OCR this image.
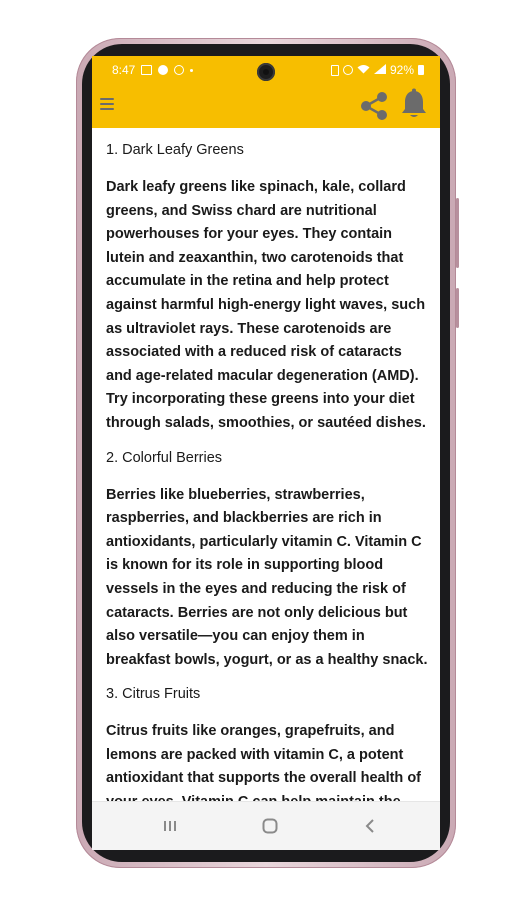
8:47	92%

1. Dark Leafy Greens

Dark leafy greens like spinach, kale, collard greens, and Swiss chard are nutritional powerhouses for your eyes. They contain lutein and zeaxanthin, two carotenoids that accumulate in the retina and help protect against harmful high-energy light waves, such as ultraviolet rays. These carotenoids are associated with a reduced risk of cataracts and age-related macular degeneration (AMD). Try incorporating these greens into your diet through salads, smoothies, or sautéed dishes.

2. Colorful Berries

Berries like blueberries, strawberries, raspberries, and blackberries are rich in antioxidants, particularly vitamin C. Vitamin C is known for its role in supporting blood vessels in the eyes and reducing the risk of cataracts. Berries are not only delicious but also versatile—you can enjoy them in breakfast bowls, yogurt, or as a healthy snack.

3. Citrus Fruits

Citrus fruits like oranges, grapefruits, and lemons are packed with vitamin C, a potent antioxidant that supports the overall health of
